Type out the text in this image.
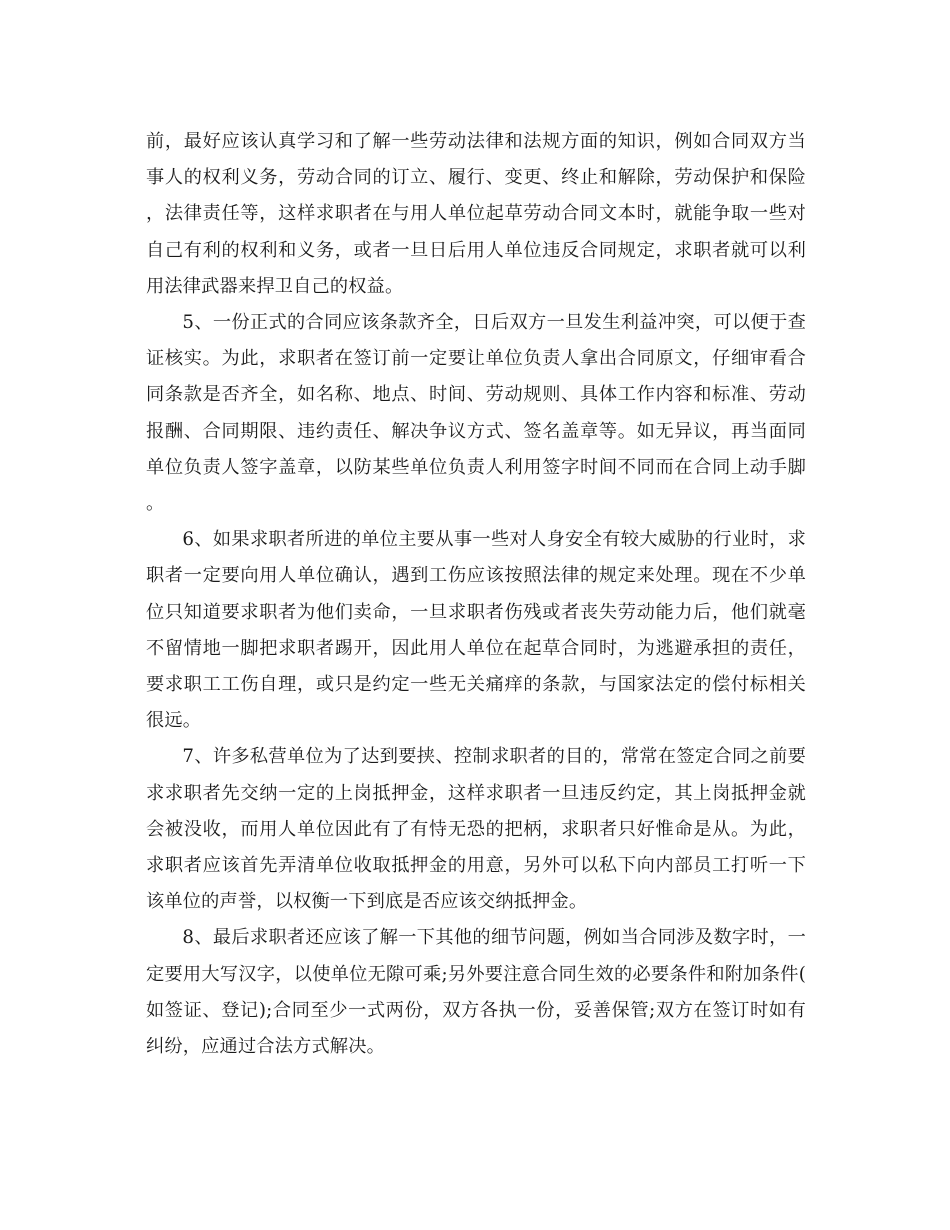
前，最好应该认真学习和了解一些劳动法律和法规方面的知识，例如合同双方当事人的权利义务，劳动合同的订立、履行、变更、终止和解除，劳动保护和保险，法律责任等，这样求职者在与用人单位起草劳动合同文本时，就能争取一些对自己有利的权利和义务，或者一旦日后用人单位违反合同规定，求职者就可以利用法律武器来捍卫自己的权益。

5、一份正式的合同应该条款齐全，日后双方一旦发生利益冲突，可以便于查证核实。为此，求职者在签订前一定要让单位负责人拿出合同原文，仔细审看合同条款是否齐全，如名称、地点、时间、劳动规则、具体工作内容和标准、劳动报酬、合同期限、违约责任、解决争议方式、签名盖章等。如无异议，再当面同单位负责人签字盖章，以防某些单位负责人利用签字时间不同而在合同上动手脚。

6、如果求职者所进的单位主要从事一些对人身安全有较大威胁的行业时，求职者一定要向用人单位确认，遇到工伤应该按照法律的规定来处理。现在不少单位只知道要求职者为他们卖命，一旦求职者伤残或者丧失劳动能力后，他们就毫不留情地一脚把求职者踢开，因此用人单位在起草合同时，为逃避承担的责任，要求职工工伤自理，或只是约定一些无关痛痒的条款，与国家法定的偿付标相关很远。

7、许多私营单位为了达到要挟、控制求职者的目的，常常在签定合同之前要求求职者先交纳一定的上岗抵押金，这样求职者一旦违反约定，其上岗抵押金就会被没收，而用人单位因此有了有恃无恐的把柄，求职者只好惟命是从。为此，求职者应该首先弄清单位收取抵押金的用意，另外可以私下向内部员工打听一下该单位的声誉，以权衡一下到底是否应该交纳抵押金。

8、最后求职者还应该了解一下其他的细节问题，例如当合同涉及数字时，一定要用大写汉字，以使单位无隙可乘;另外要注意合同生效的必要条件和附加条件(如签证、登记);合同至少一式两份，双方各执一份，妥善保管;双方在签订时如有纠纷，应通过合法方式解决。
